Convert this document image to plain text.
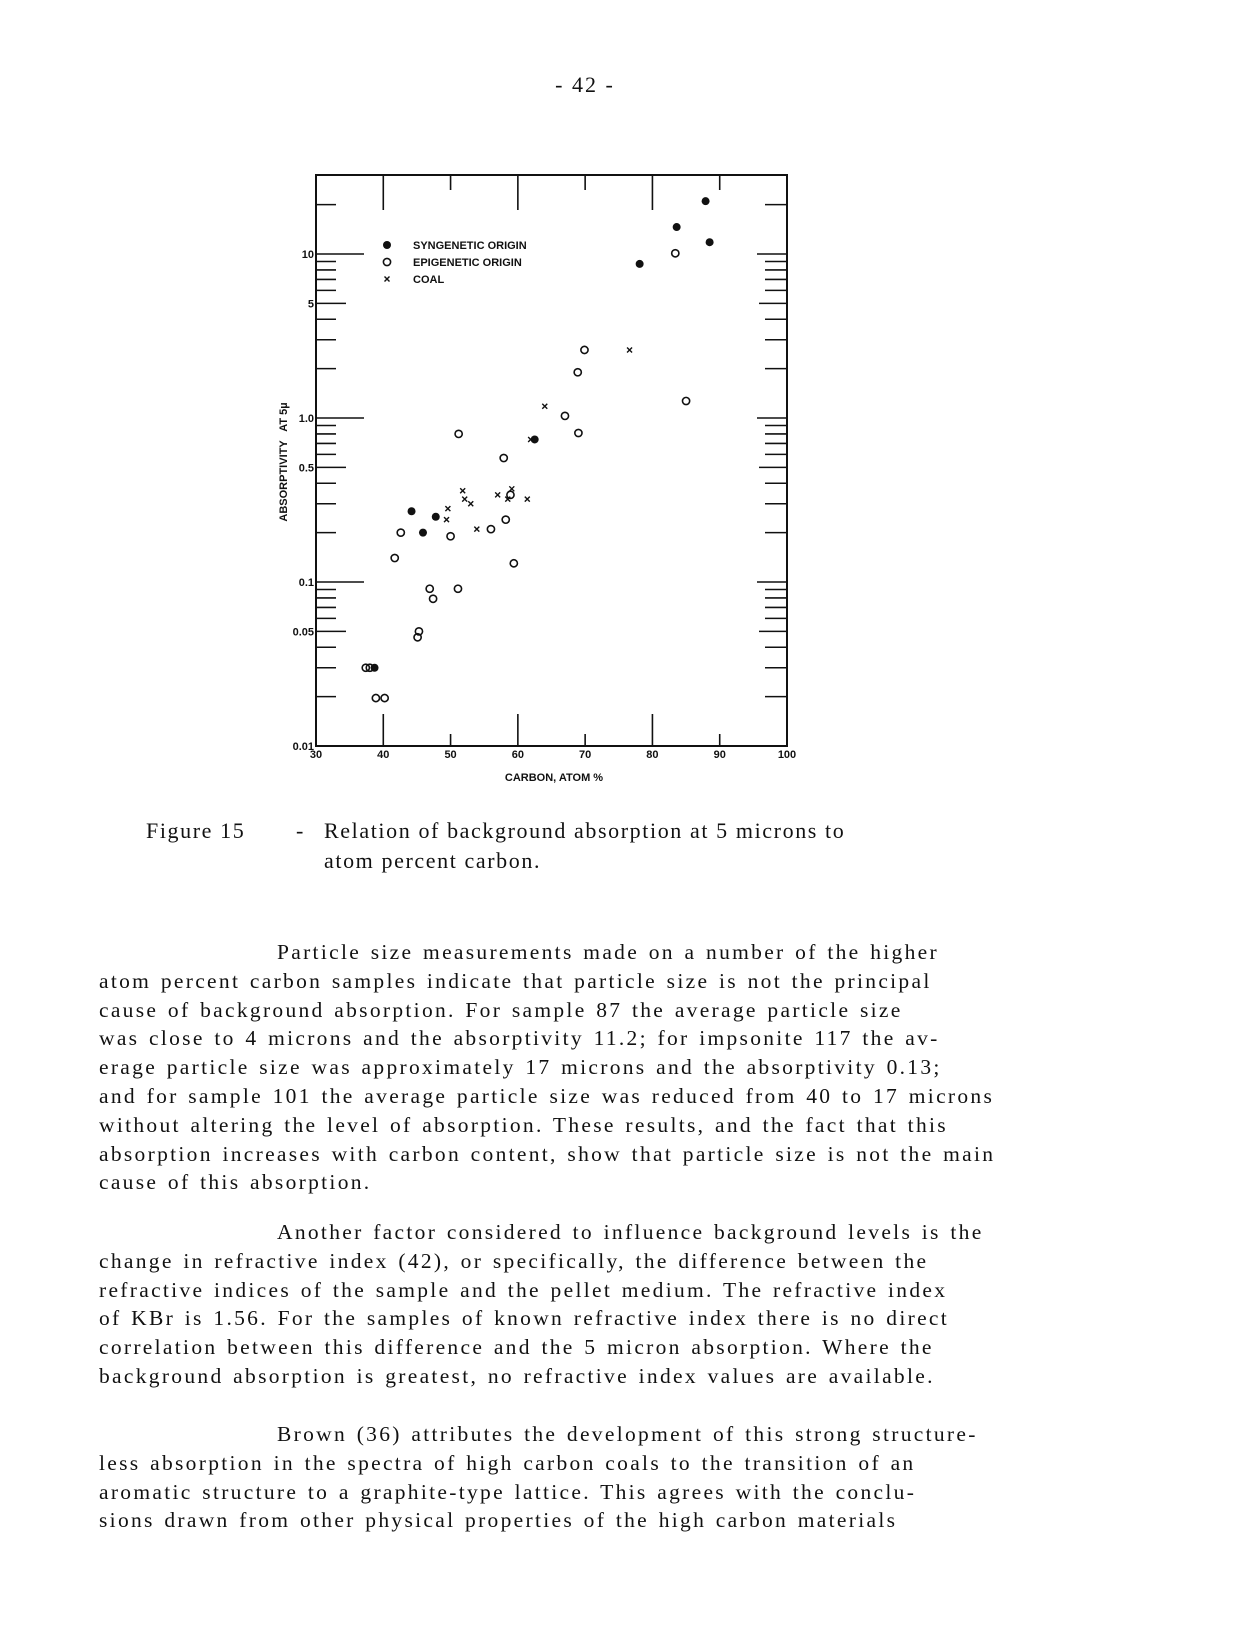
- 42 -
30	40	50	60	70	80	90	100
10
5
1.0
0.5
0.1
0.05
0.01
SYNGENETIC ORIGIN
EPIGENETIC ORIGIN
COAL
CARBON, ATOM %
ABSORPTIVITY   AT 5µ
Figure 15 - Relation of background absorption at 5 microns to
atom percent carbon.
Particle size measurements made on a number of the higher
atom percent carbon samples indicate that particle size is not the principal
cause of background absorption. For sample 87 the average particle size
was close to 4 microns and the absorptivity 11.2; for impsonite 117 the av-
erage particle size was approximately 17 microns and the absorptivity 0.13;
and for sample 101 the average particle size was reduced from 40 to 17 microns
without altering the level of absorption. These results, and the fact that this
absorption increases with carbon content, show that particle size is not the main
cause of this absorption.
Another factor considered to influence background levels is the
change in refractive index (42), or specifically, the difference between the
refractive indices of the sample and the pellet medium. The refractive index
of KBr is 1.56. For the samples of known refractive index there is no direct
correlation between this difference and the 5 micron absorption. Where the
background absorption is greatest, no refractive index values are available.
Brown (36) attributes the development of this strong structure-
less absorption in the spectra of high carbon coals to the transition of an
aromatic structure to a graphite-type lattice. This agrees with the conclu-
sions drawn from other physical properties of the high carbon materials
